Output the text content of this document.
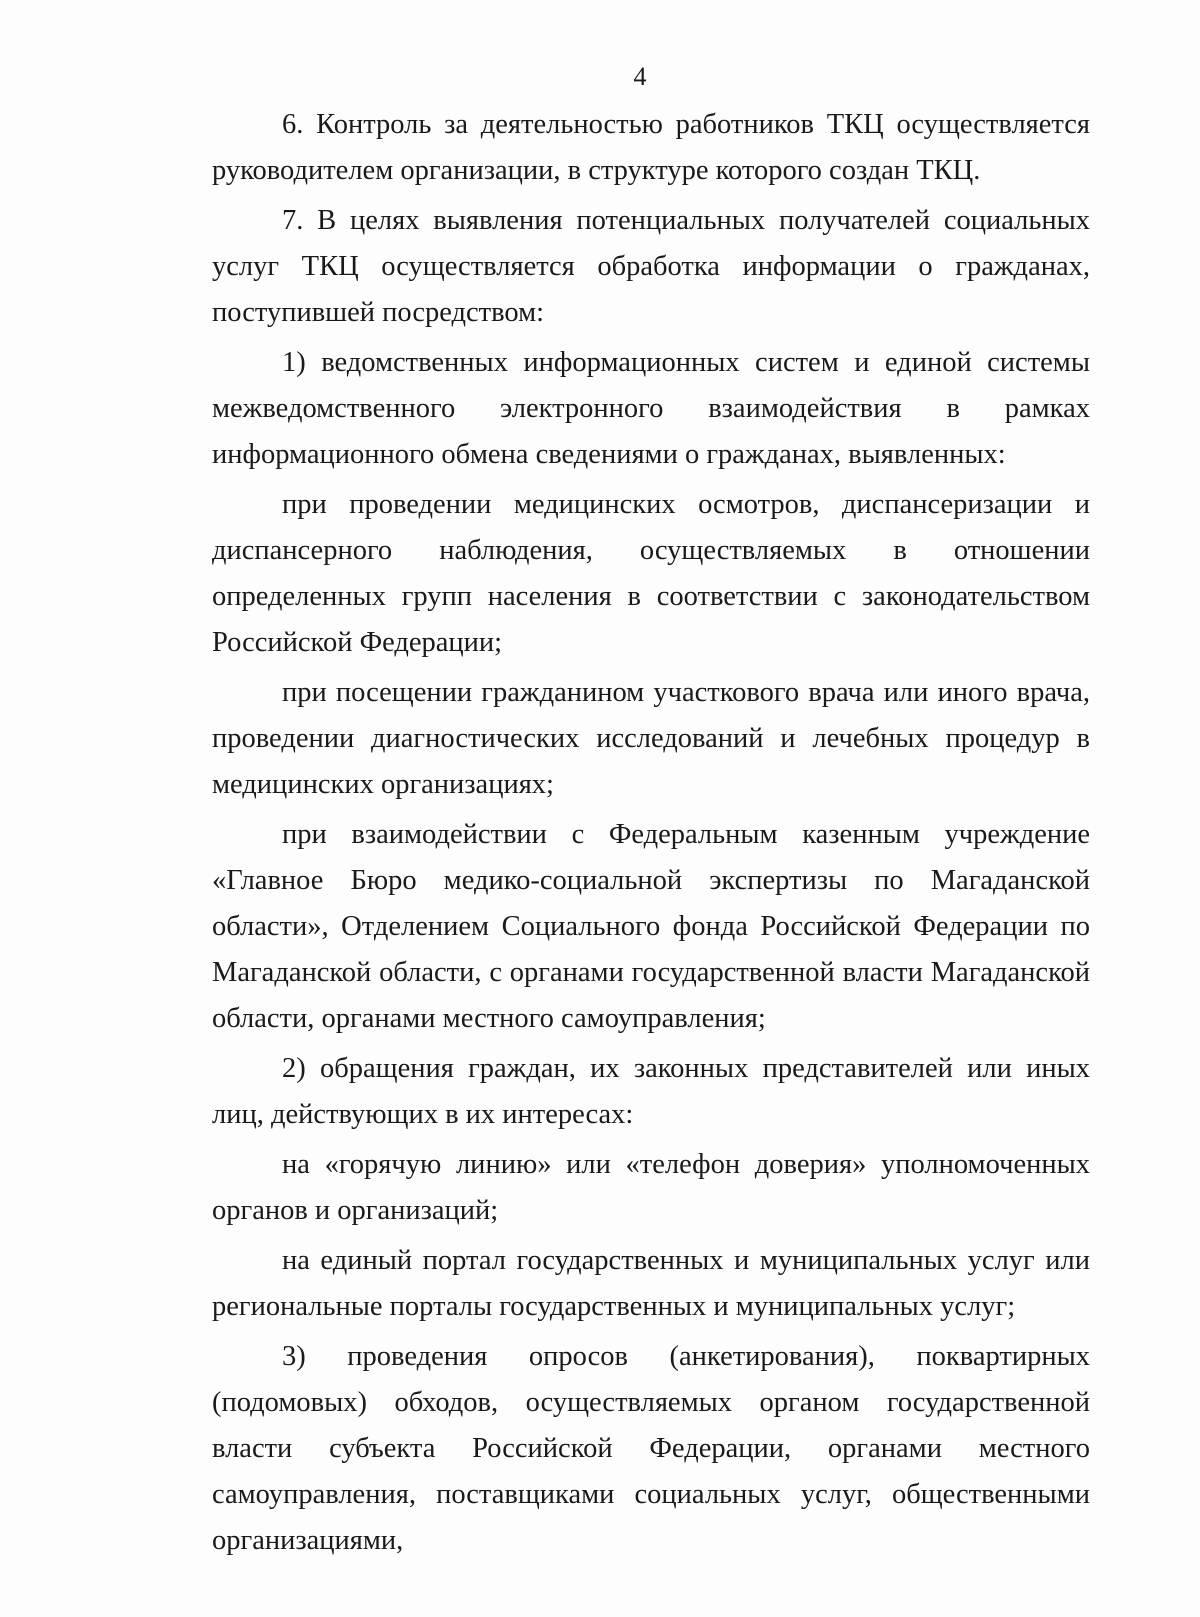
4

6. Контроль за деятельностью работников ТКЦ осуществляется руководителем организации, в структуре которого создан ТКЦ.

7. В целях выявления потенциальных получателей социальных услуг ТКЦ осуществляется обработка информации о гражданах, поступившей посредством:

1) ведомственных информационных систем и единой системы межведомственного электронного взаимодействия в рамках информационного обмена сведениями о гражданах, выявленных:

при проведении медицинских осмотров, диспансеризации и диспансерного наблюдения, осуществляемых в отношении определенных групп населения в соответствии с законодательством Российской Федерации;

при посещении гражданином участкового врача или иного врача, проведении диагностических исследований и лечебных процедур в медицинских организациях;

при взаимодействии с Федеральным казенным учреждение «Главное Бюро медико-социальной экспертизы по Магаданской области», Отделением Социального фонда Российской Федерации по Магаданской области, с органами государственной власти Магаданской области, органами местного самоуправления;

2) обращения граждан, их законных представителей или иных лиц, действующих в их интересах:

на «горячую линию» или «телефон доверия» уполномоченных органов и организаций;

на единый портал государственных и муниципальных услуг или региональные порталы государственных и муниципальных услуг;

3) проведения опросов (анкетирования), поквартирных (подомовых) обходов, осуществляемых органом государственной власти субъекта Российской Федерации, органами местного самоуправления, поставщиками социальных услуг, общественными организациями,
